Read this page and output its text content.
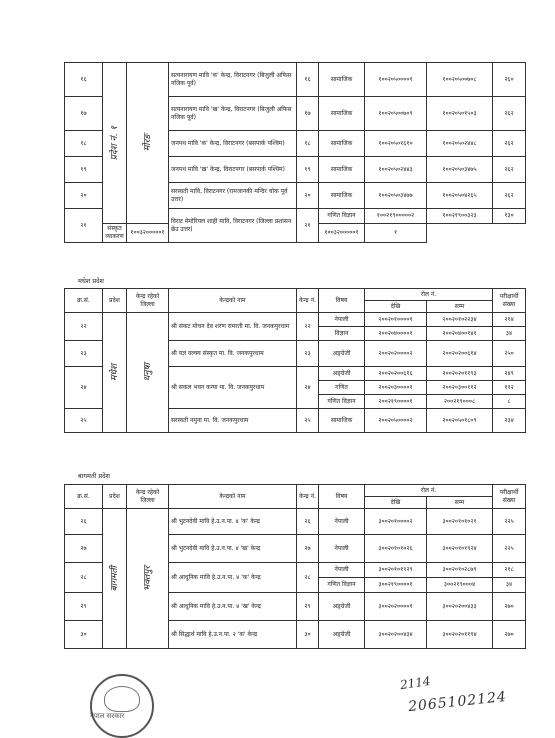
१६	प्रदेश नं. १	मोरङ	सत्यनारायण मावि 'क' केन्द्र, विराटनगर (बिजुली अफिस नजिक पूर्व)	१६	सामाजिक	१००२०५००००१	१००२०५००७०८	२६०
१७			सत्यनारायण मावि 'ख' केन्द्र, विराटनगर (बिजुली अफिस नजिक पूर्व)	१७	सामाजिक	१००२०५००७०९	१००२०५०१५०३	२६२
१८			जनपथ मावि 'क' केन्द्र, विराटनगर (बसपार्क पश्चिम)	१८	सामाजिक	१००२०५०१६१०	१००२०५०२४४८	२६२
१९			जनपथ मावि 'ख' केन्द्र, विराटनगर (बसपार्क पश्चिम)	१९	सामाजिक	१००२०५०२४४३	१००२०५०३४७५	२६२
२०			सरस्वती मावि, विराटनगर (रामजानकी मन्दिर चोक पूर्व उत्तर)	२०	सामाजिक	१००२०५०३४७७	१००२०५०४२६५	२६२
२१			विराट मेमोरियल शाही मावि, विराटनगर (जिल्ला प्रशासन छेउ उत्तर)	२१	गणित विज्ञान	१००२१९०००००२	१००२१९००३२३	१३०
	संस्कृत व्याकरण	१००३२०००००१			१००३२०००००१	१		
मधेश प्रदेश
क्र.सं.	प्रदेश	केन्द्र रहेको जिल्ला	केन्द्रको नाम	केन्द्र नं.	विषय	रोल नं.		परीक्षार्थी संख्या
						देखि	सम्म	
२२	मधेश	धनुषा	श्री संकट मोचन देव शरण रामरती मा. वि. जनकपुरधाम	२२	नेपाली	२००२०१००००१	२००२०१०२२३४	२१४
					विज्ञान	२००२०४००००१	२००२०४००१४१	३४
२३			श्री यज्ञ वल्क्य संस्कृत मा. वि. जनकपुरधाम	२३	अङ्ग्रेजी	२००२०२००००२	२००२०२००६१४	२५०
२४			श्री सकल भवन कन्या मा. वि. जनकपुरधाम	२४	अङ्ग्रेजी	२००२०२००६१६	२००२०२०११९३	२४९
					गणित	२००२०३००००१	२००२०३००११२	११२
					गणित विज्ञान	२००२१९००००१	२००२१९०००८	८
२५			सरस्वती नमुना मा. वि. जनकपुरधाम	२५	सामाजिक	२००२०५००००२	२००२०५०१८०९	२३४
बागमती प्रदेश
क्र.सं.	प्रदेश	केन्द्र रहेको जिल्ला	केन्द्रको नाम	केन्द्र नं.	विषय	रोल नं.		परीक्षार्थी संख्या
						देखि	सम्म	
२६	बागमती	भक्तपुर	श्री भुटनदेवी मावि हे.उ.न.पा. ४ 'क' केन्द्र	२६	नेपाली	३००२०१००००२	३००२०१०१०२१	२२५
२७			श्री भुटनदेवी मावि हे.उ.न.पा. ४ 'ख' केन्द्र	२७	नेपाली	३००२०१०१०२६	३००२०१०१९२४	२२५
२८			श्री आधुनिक मावि हे.उ.न.पा. ४ 'क' केन्द्र	२८	नेपाली	३००२०१०१९२९	३००२०१०२८७९	२१८
					गणित विज्ञान	३००२१९००००१	३००२१९०००४	३४
२९			श्री आधुनिक मावि हे.उ.न.पा. ४ 'ख' केन्द्र	२९	अङ्ग्रेजी	३००२०२००००१	३००२०२००४३३	२७०
३०			श्री सिद्धार्थ मावि हे.उ.न.पा. २ 'क' केन्द्र	३०	अङ्ग्रेजी	३००२०२००४३४	३००२०२०११९४	२७०
नेपाल सरकार
2114
2065102124
